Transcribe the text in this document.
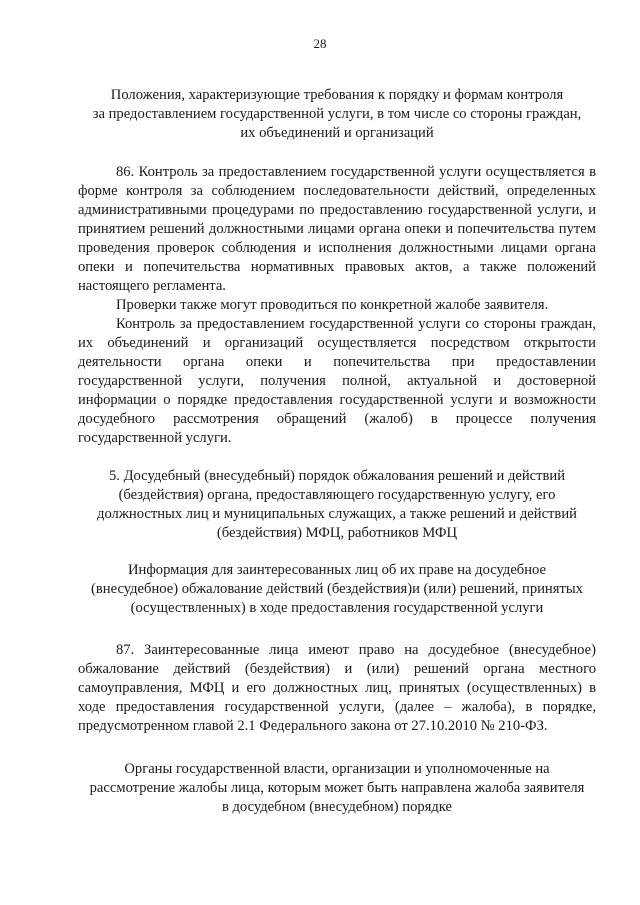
28

Положения, характеризующие требования к порядку и формам контроля
за предоставлением государственной услуги, в том числе со стороны граждан,
их объединений и организаций

86. Контроль за предоставлением государственной услуги осуществляется в форме контроля за соблюдением последовательности действий, определенных административными процедурами по предоставлению государственной услуги, и принятием решений должностными лицами органа опеки и попечительства путем проведения проверок соблюдения и исполнения должностными лицами органа опеки и попечительства нормативных правовых актов, а также положений настоящего регламента.

Проверки также могут проводиться по конкретной жалобе заявителя.

Контроль за предоставлением государственной услуги со стороны граждан, их объединений и организаций осуществляется посредством открытости деятельности органа опеки и попечительства при предоставлении государственной услуги, получения полной, актуальной и достоверной информации о порядке предоставления государственной услуги и возможности досудебного рассмотрения обращений (жалоб) в процессе получения государственной услуги.

5. Досудебный (внесудебный) порядок обжалования решений и действий
(бездействия) органа, предоставляющего государственную услугу, его
должностных лиц и муниципальных служащих, а также решений и действий
(бездействия) МФЦ, работников МФЦ

Информация для заинтересованных лиц об их праве на досудебное
(внесудебное) обжалование действий (бездействия)и (или) решений, принятых
(осуществленных) в ходе предоставления государственной услуги

87. Заинтересованные лица имеют право на досудебное (внесудебное) обжалование действий (бездействия) и (или) решений органа местного самоуправления, МФЦ и его должностных лиц, принятых (осуществленных) в ходе предоставления государственной услуги, (далее – жалоба), в порядке, предусмотренном главой 2.1 Федерального закона от 27.10.2010 № 210-ФЗ.

Органы государственной власти, организации и уполномоченные на
рассмотрение жалобы лица, которым может быть направлена жалоба заявителя
в досудебном (внесудебном) порядке
